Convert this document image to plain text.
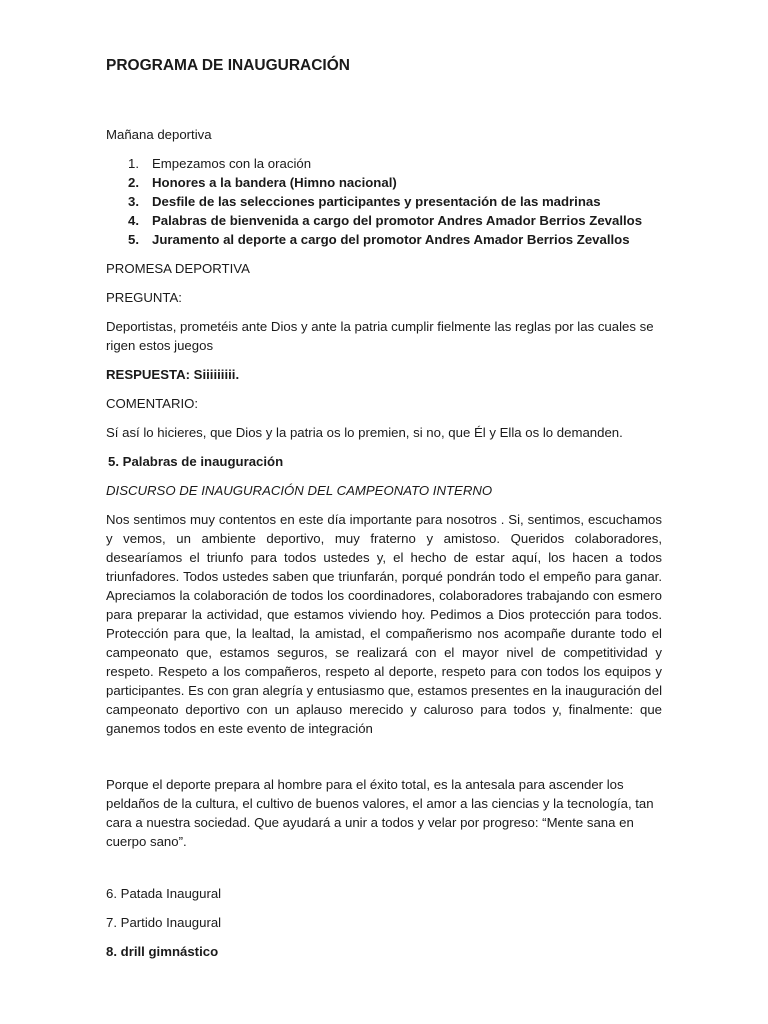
PROGRAMA DE INAUGURACIÓN

Mañana deportiva

1. Empezamos con la oración
2. Honores a la bandera (Himno nacional)
3. Desfile de las selecciones participantes y presentación de las madrinas
4. Palabras de bienvenida a cargo del promotor Andres Amador Berrios Zevallos
5. Juramento al deporte a cargo del promotor Andres Amador Berrios Zevallos

PROMESA DEPORTIVA

PREGUNTA:

Deportistas, prometéis ante Dios y ante la patria cumplir fielmente las reglas por las cuales se rigen estos juegos

RESPUESTA: Siiiiiiiii.

COMENTARIO:

Sí así lo hicieres, que Dios y la patria os lo premien, si no, que Él y Ella os lo demanden.

5. Palabras de inauguración

DISCURSO DE INAUGURACIÓN DEL CAMPEONATO INTERNO

Nos sentimos muy contentos en este día importante para nosotros . Si, sentimos, escuchamos y vemos, un ambiente deportivo, muy fraterno y amistoso. Queridos colaboradores, desearíamos el triunfo para todos ustedes y, el hecho de estar aquí, los hacen a todos triunfadores. Todos ustedes saben que triunfarán, porqué pondrán todo el empeño para ganar. Apreciamos la colaboración de todos los coordinadores, colaboradores trabajando con esmero para preparar la actividad, que estamos viviendo hoy. Pedimos a Dios protección para todos. Protección para que, la lealtad, la amistad, el compañerismo nos acompañe durante todo el campeonato que, estamos seguros, se realizará con el mayor nivel de competitividad y respeto. Respeto a los compañeros, respeto al deporte, respeto para con todos los equipos y participantes. Es con gran alegría y entusiasmo que, estamos presentes en la inauguración del campeonato deportivo con un aplauso merecido y caluroso para todos y, finalmente: que ganemos todos en este evento de integración

Porque el deporte prepara al hombre para el éxito total, es la antesala para ascender los peldaños de la cultura, el cultivo de buenos valores, el amor a las ciencias y la tecnología, tan cara a nuestra sociedad. Que ayudará a unir a todos y velar por progreso: “Mente sana en cuerpo sano”.

6. Patada Inaugural

7. Partido Inaugural

8. drill gimnástico
